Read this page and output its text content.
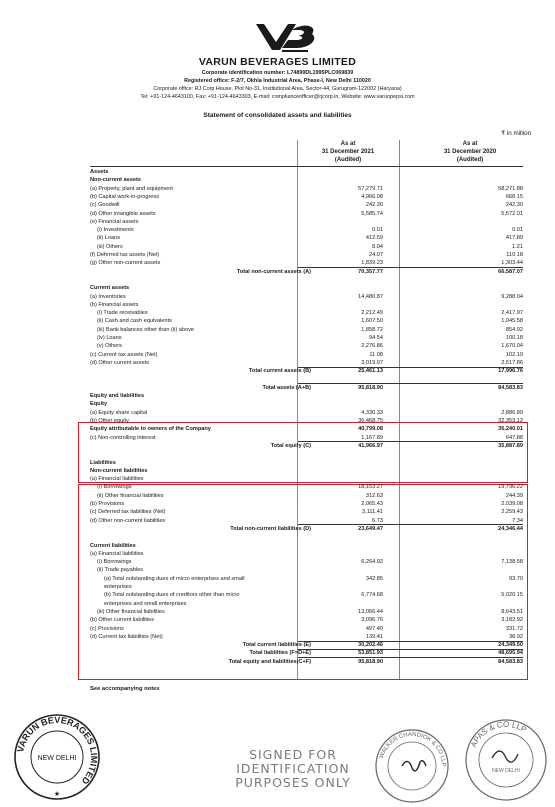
VARUN BEVERAGES LIMITED
Corporate identification number: L74899DL1995PLC069839
Registered office: F-2/7, Okhla Industrial Area, Phase-I, New Delhi 110020
Corporate office: RJ Corp House, Plot No-31, Institutional Area, Sector-44, Gurugram-122002 (Haryana)
Tel: +91-124-4643100, Fax: +91-124-4643303, E-mail: complianceofficer@rjcorp.in, Website: www.varunpepsi.com
Statement of consolidated assets and liabilities
₹ in million
As at
31 December 2021
(Audited)
As at
31 December 2020
(Audited)
Assets
Non-current assets
(a) Property, plant and equipment	57,279.71	58,271.88
(b) Capital work-in-progress	4,966.08	668.15
(c) Goodwill	242.30	242.30
(d) Other intangible assets	5,585.74	5,572.01
(e) Financial assets
(i) Investments	0.01	0.01
(ii) Loans	412.59	417.89
(iii) Others	8.04	1.21
(f) Deferred tax assets (Net)	24.07	110.18
(g) Other non-current assets	1,839.23	1,303.44
Total non-current assets (A)	70,357.77	66,587.07
Current assets
(a) Inventories	14,480.87	9,288.04
(b) Financial assets
(i) Trade receivables	2,212.49	2,417.97
(ii) Cash and cash equivalents	1,607.50	1,045.58
(iii) Bank balances other than (ii) above	1,858.72	854.92
(iv) Loans	94.54	100.18
(v) Others	2,276.86	1,670.04
(c) Current tax assets (Net)	11.08	102.19
(d) Other current assets	3,019.07	2,517.86
Total current assets (B)	25,461.13	17,996.76
Total assets (A+B)	95,818.90	84,583.83
Equity and liabilities
Equity
(a) Equity share capital	4,330.33	2,886.89
(b) Other equity	36,468.75	32,353.12
Equity attributable to owners of the Company	40,799.08	35,240.01
(c) Non-controlling interest	1,167.89	647.88
Total equity (C)	41,966.97	35,887.89
Liabilities
Non-current liabilities
(a) Financial liabilities
(i) Borrowings	18,153.27	19,796.22
(ii) Other financial liabilities	312.63	244.39
(b) Provisions	2,065.43	2,039.08
(c) Deferred tax liabilities (Net)	3,111.41	2,259.43
(d) Other non-current liabilities	6.73	7.34
Total non-current liabilities (D)	23,649.47	24,346.44
Current liabilities
(a) Financial liabilities
(i) Borrowings	6,264.92	7,138.58
(ii) Trade payables
(a) Total outstanding dues of micro enterprises and small	342.85	93.70
enterprises
(b) Total outstanding dues of creditors other than micro	6,774.68	5,020.15
enterprises and small enterprises
(iii) Other financial liabilities	13,066.44	8,643.51
(b) Other current liabilities	3,096.76	3,182.92
(c) Provisions	497.40	331.72
(d) Current tax liabilities (Net)	139.41	38.92
Total current liabilities (E)	30,202.46	24,349.50
Total liabilities (F=D+E)	53,851.93	48,695.94
Total equity and liabilities(C+F)	95,818.90	84,583.83
See accompanying notes
VARUN BEVERAGES LIMITED
NEW DELHI
★
SIGNED FOR
IDENTIFICATION
PURPOSES ONLY
WALKER CHANDIOK & CO LLP
APAS & CO LLP
NEW DELHI
